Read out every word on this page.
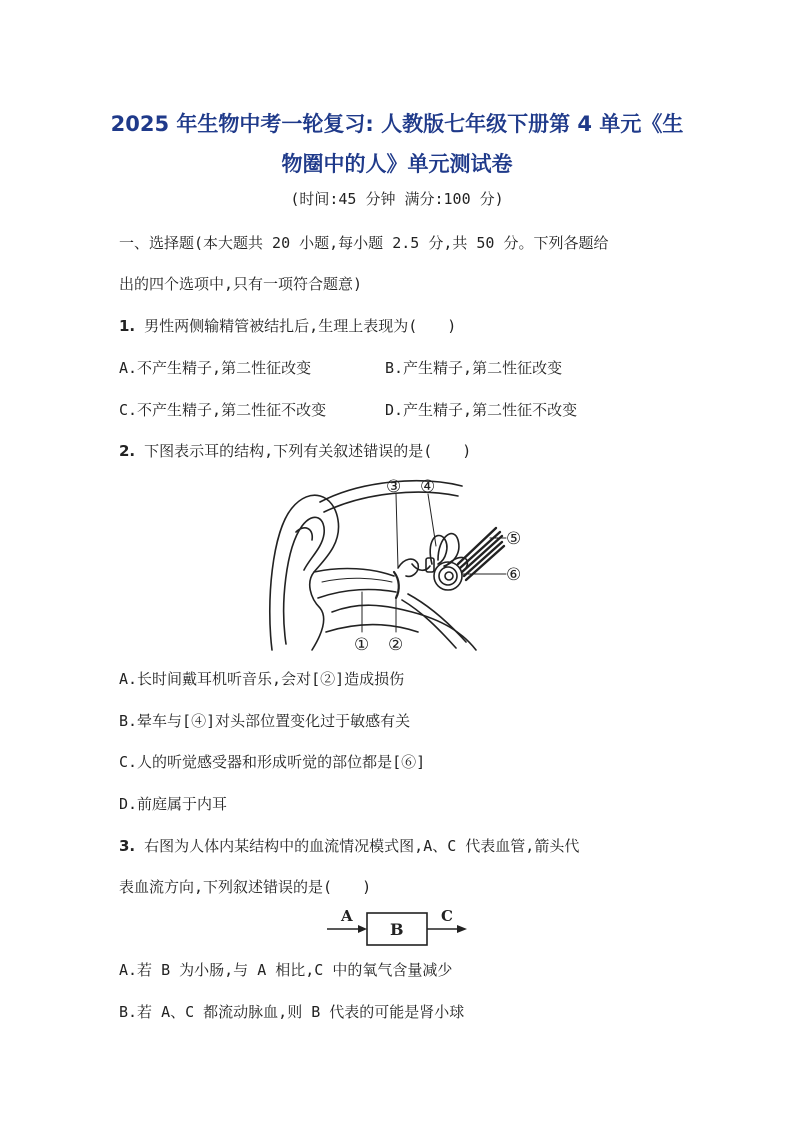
2025 年生物中考一轮复习: 人教版七年级下册第 4 单元《生
物圈中的人》单元测试卷
(时间:45 分钟 满分:100 分)
一、选择题(本大题共 20 小题,每小题 2.5 分,共 50 分。下列各题给
出的四个选项中,只有一项符合题意)
1. 男性两侧输精管被结扎后,生理上表现为(　　)
A.不产生精子,第二性征改变	B.产生精子,第二性征改变
C.不产生精子,第二性征不改变	D.产生精子,第二性征不改变
2. 下图表示耳的结构,下列有关叙述错误的是(　　)
③ ④
⑤
⑥
① ②
A.长时间戴耳机听音乐,会对[②]造成损伤
B.晕车与[④]对头部位置变化过于敏感有关
C.人的听觉感受器和形成听觉的部位都是[⑥]
D.前庭属于内耳
3. 右图为人体内某结构中的血流情况模式图,A、C 代表血管,箭头代
表血流方向,下列叙述错误的是(　　)
A
B
C
A.若 B 为小肠,与 A 相比,C 中的氧气含量减少
B.若 A、C 都流动脉血,则 B 代表的可能是肾小球
